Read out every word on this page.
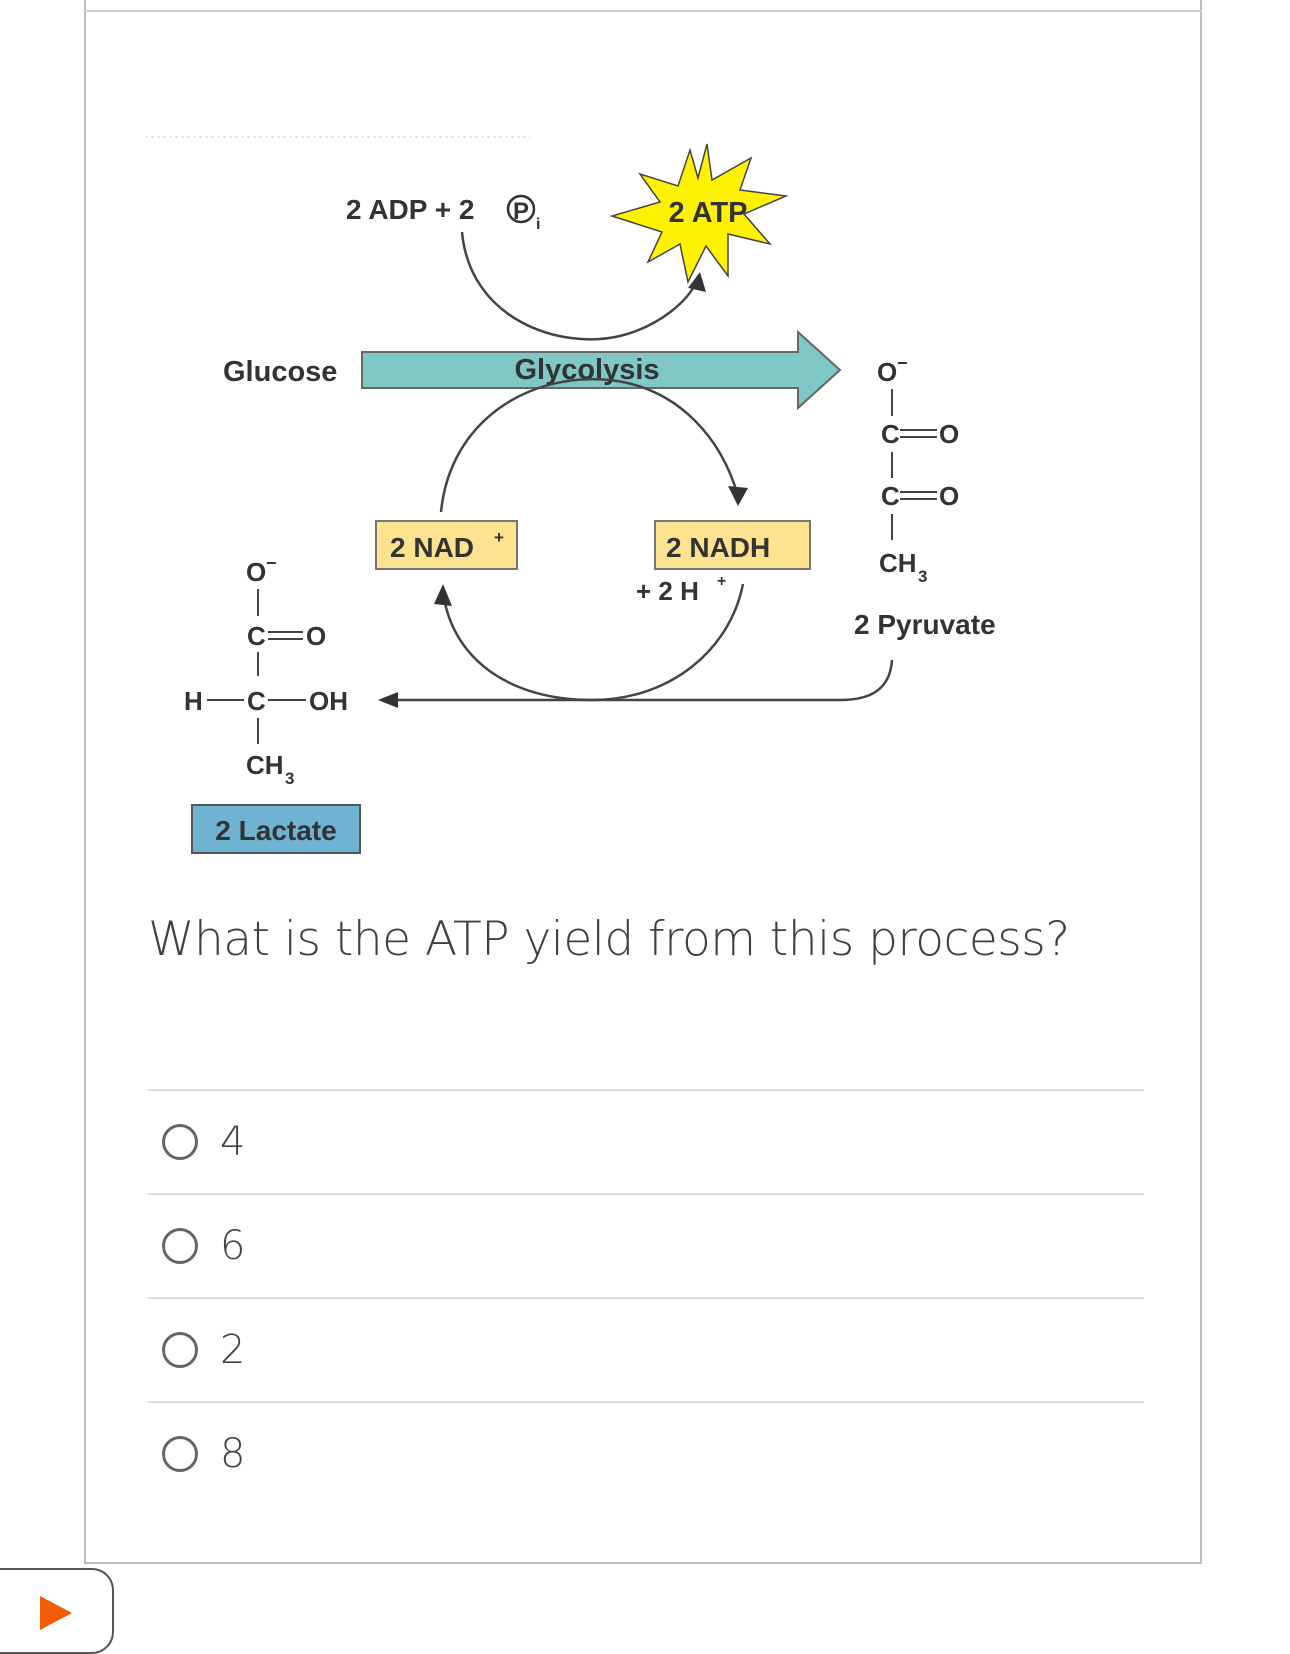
2 ADP + 2 P i	2 ATP
Glucose	Glycolysis
2 NAD +	2 NADH
+ 2 H +
O −
C O
C O
CH 3
2 Pyruvate
O −
C O
H C OH
CH 3
2 Lactate
What is the ATP yield from this process?
4
6
2
8
